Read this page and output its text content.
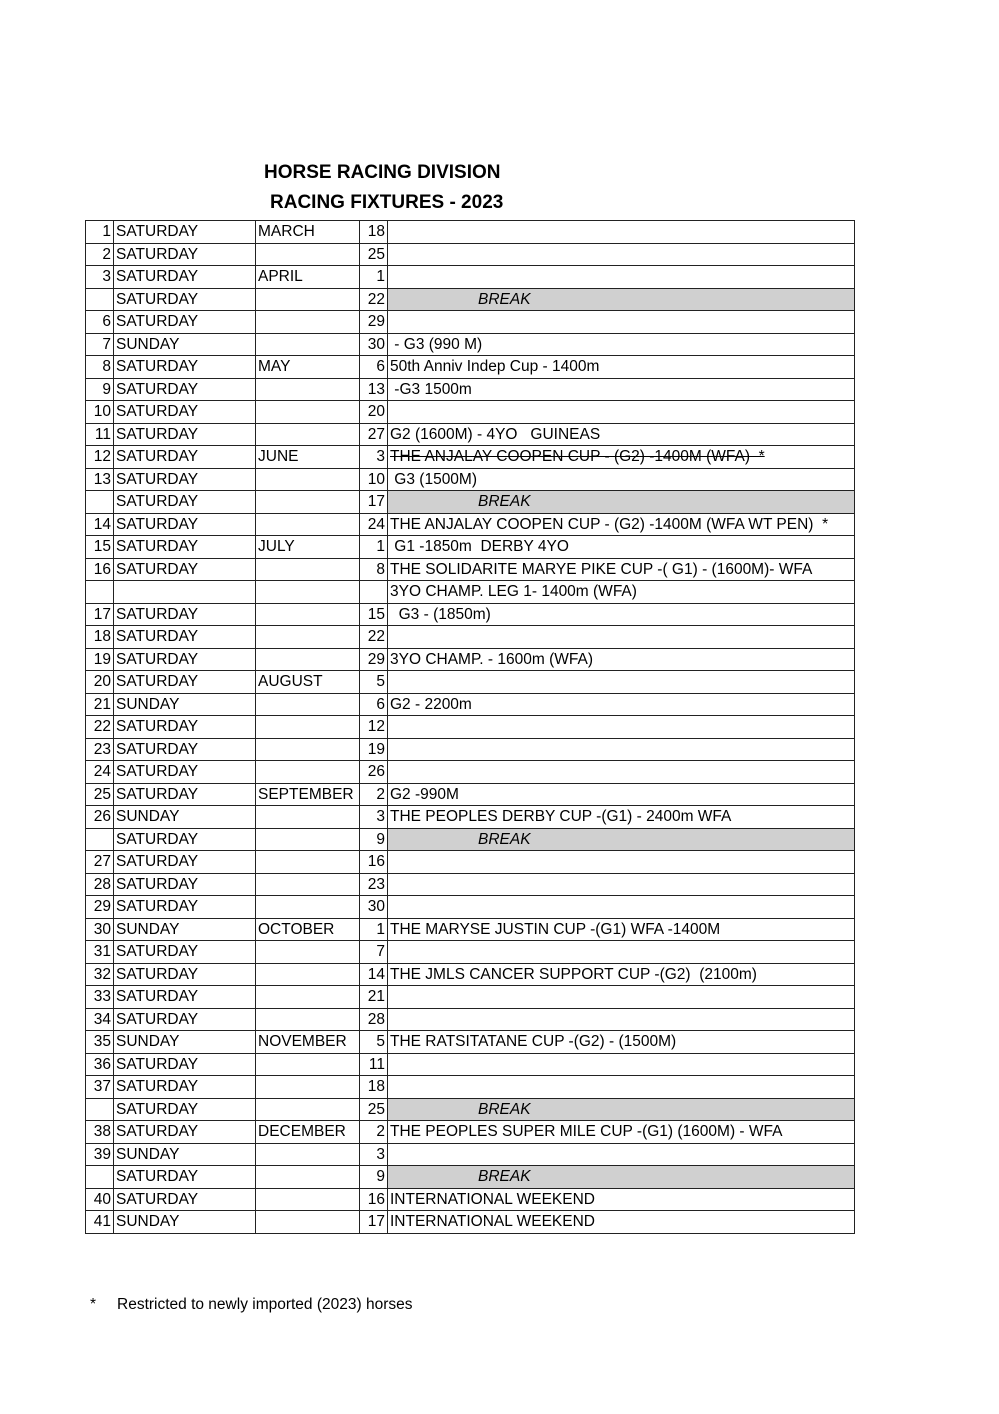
HORSE RACING DIVISION
RACING FIXTURES - 2023
1	SATURDAY	MARCH	18	
2	SATURDAY		25	
3	SATURDAY	APRIL	1	
	SATURDAY		22	BREAK
6	SATURDAY		29	
7	SUNDAY		30	- G3 (990 M)
8	SATURDAY	MAY	6	50th Anniv Indep Cup - 1400m
9	SATURDAY		13	-G3 1500m
10	SATURDAY		20	
11	SATURDAY		27	G2 (1600M) - 4YO   GUINEAS
12	SATURDAY	JUNE	3	THE ANJALAY COOPEN CUP - (G2) -1400M (WFA)  *
13	SATURDAY		10	G3 (1500M)
	SATURDAY		17	BREAK
14	SATURDAY		24	THE ANJALAY COOPEN CUP - (G2) -1400M (WFA WT PEN)  *
15	SATURDAY	JULY	1	G1 -1850m  DERBY 4YO
16	SATURDAY		8	THE SOLIDARITE MARYE PIKE CUP -( G1) - (1600M)- WFA
				3YO CHAMP. LEG 1- 1400m (WFA)
17	SATURDAY		15	G3 - (1850m)
18	SATURDAY		22	
19	SATURDAY		29	3YO CHAMP. - 1600m (WFA)
20	SATURDAY	AUGUST	5	
21	SUNDAY		6	G2 - 2200m
22	SATURDAY		12	
23	SATURDAY		19	
24	SATURDAY		26	
25	SATURDAY	SEPTEMBER	2	G2 -990M
26	SUNDAY		3	THE PEOPLES DERBY CUP -(G1) - 2400m WFA
	SATURDAY		9	BREAK
27	SATURDAY		16	
28	SATURDAY		23	
29	SATURDAY		30	
30	SUNDAY	OCTOBER	1	THE MARYSE JUSTIN CUP -(G1) WFA -1400M
31	SATURDAY		7	
32	SATURDAY		14	THE JMLS CANCER SUPPORT CUP -(G2)  (2100m)
33	SATURDAY		21	
34	SATURDAY		28	
35	SUNDAY	NOVEMBER	5	THE RATSITATANE CUP -(G2) - (1500M)
36	SATURDAY		11	
37	SATURDAY		18	
	SATURDAY		25	BREAK
38	SATURDAY	DECEMBER	2	THE PEOPLES SUPER MILE CUP -(G1) (1600M) - WFA
39	SUNDAY		3	
	SATURDAY		9	BREAK
40	SATURDAY		16	INTERNATIONAL WEEKEND
41	SUNDAY		17	INTERNATIONAL WEEKEND
* Restricted to newly imported (2023) horses
